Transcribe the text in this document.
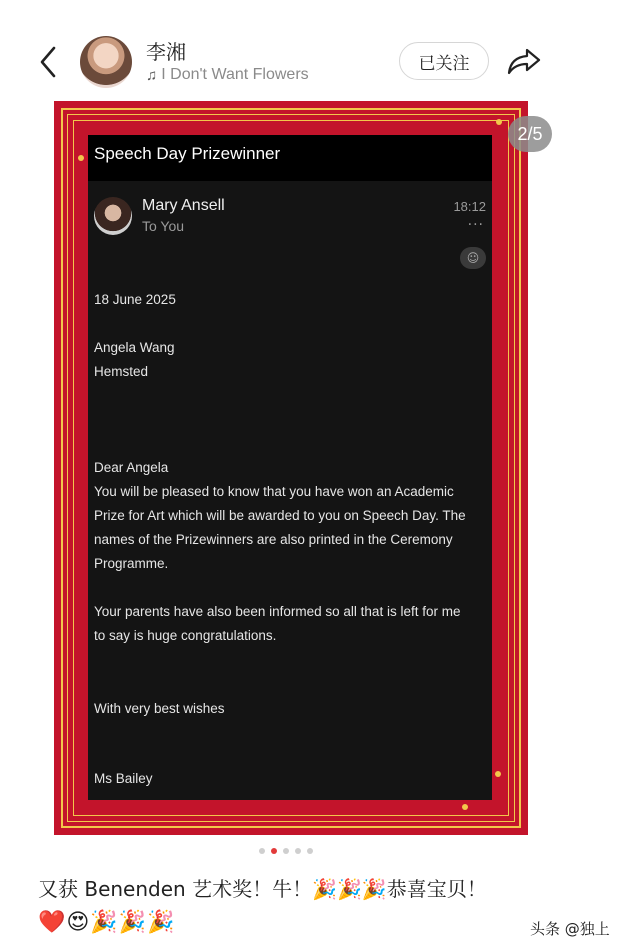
李湘
♫ I Don't Want Flowers
已关注
2/5
Speech Day Prizewinner
Mary Ansell
To You
18:12
···
☺
18 June 2025
Angela Wang
Hemsted
Dear Angela
You will be pleased to know that you have won an Academic
Prize for Art which will be awarded to you on Speech Day. The
names of the Prizewinners are also printed in the Ceremony
Programme.
Your parents have also been informed so all that is left for me
to say is huge congratulations.
With very best wishes
Ms Bailey
又获 Benenden 艺术奖！牛！🎉🎉🎉恭喜宝贝！
❤️😍🎉🎉🎉	头条 @独上
